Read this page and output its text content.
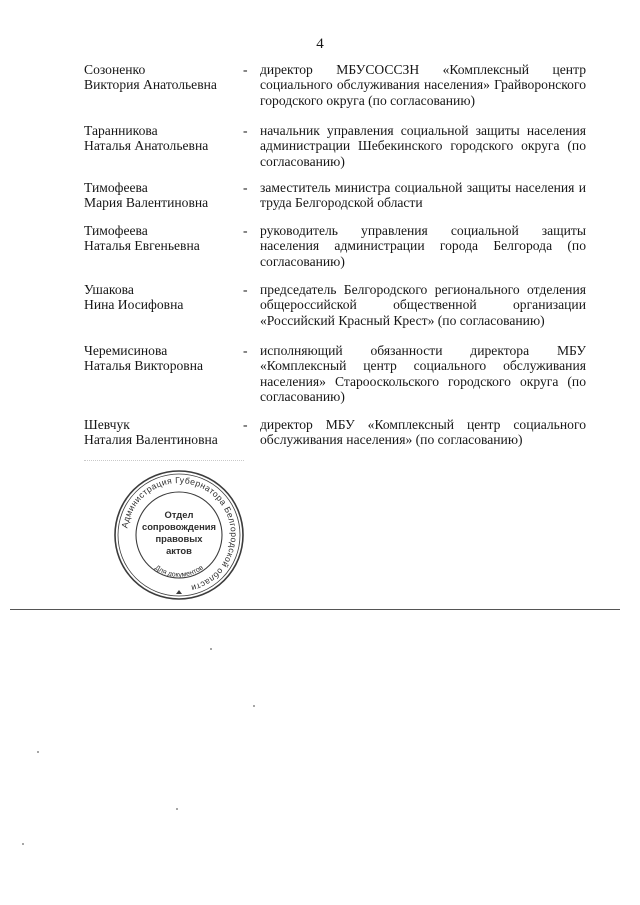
4
Созоненко
Виктория Анатольевна
- директор МБУСОССЗН «Комплексный центр социального обслуживания населения» Грайворонского городского округа (по согласованию)
Таранникова
Наталья Анатольевна
- начальник управления социальной защиты населения администрации Шебекинского городского округа (по согласованию)
Тимофеева
Мария Валентиновна
- заместитель министра социальной защиты населения и труда Белгородской области
Тимофеева
Наталья Евгеньевна
- руководитель управления социальной защиты населения администрации города Белгорода (по согласованию)
Ушакова
Нина Иосифовна
- председатель Белгородского регионального отделения общероссийской общественной организации «Российский Красный Крест» (по согласованию)
Черемисинова
Наталья Викторовна
- исполняющий обязанности директора МБУ «Комплексный центр социального обслуживания населения» Старооскольского городского округа (по согласованию)
Шевчук
Наталия Валентиновна
- директор МБУ «Комплексный центр социального обслуживания населения» (по согласованию)
Администрация Губернатора Белгородской области
Отдел
сопровождения
правовых
актов
Для документов
